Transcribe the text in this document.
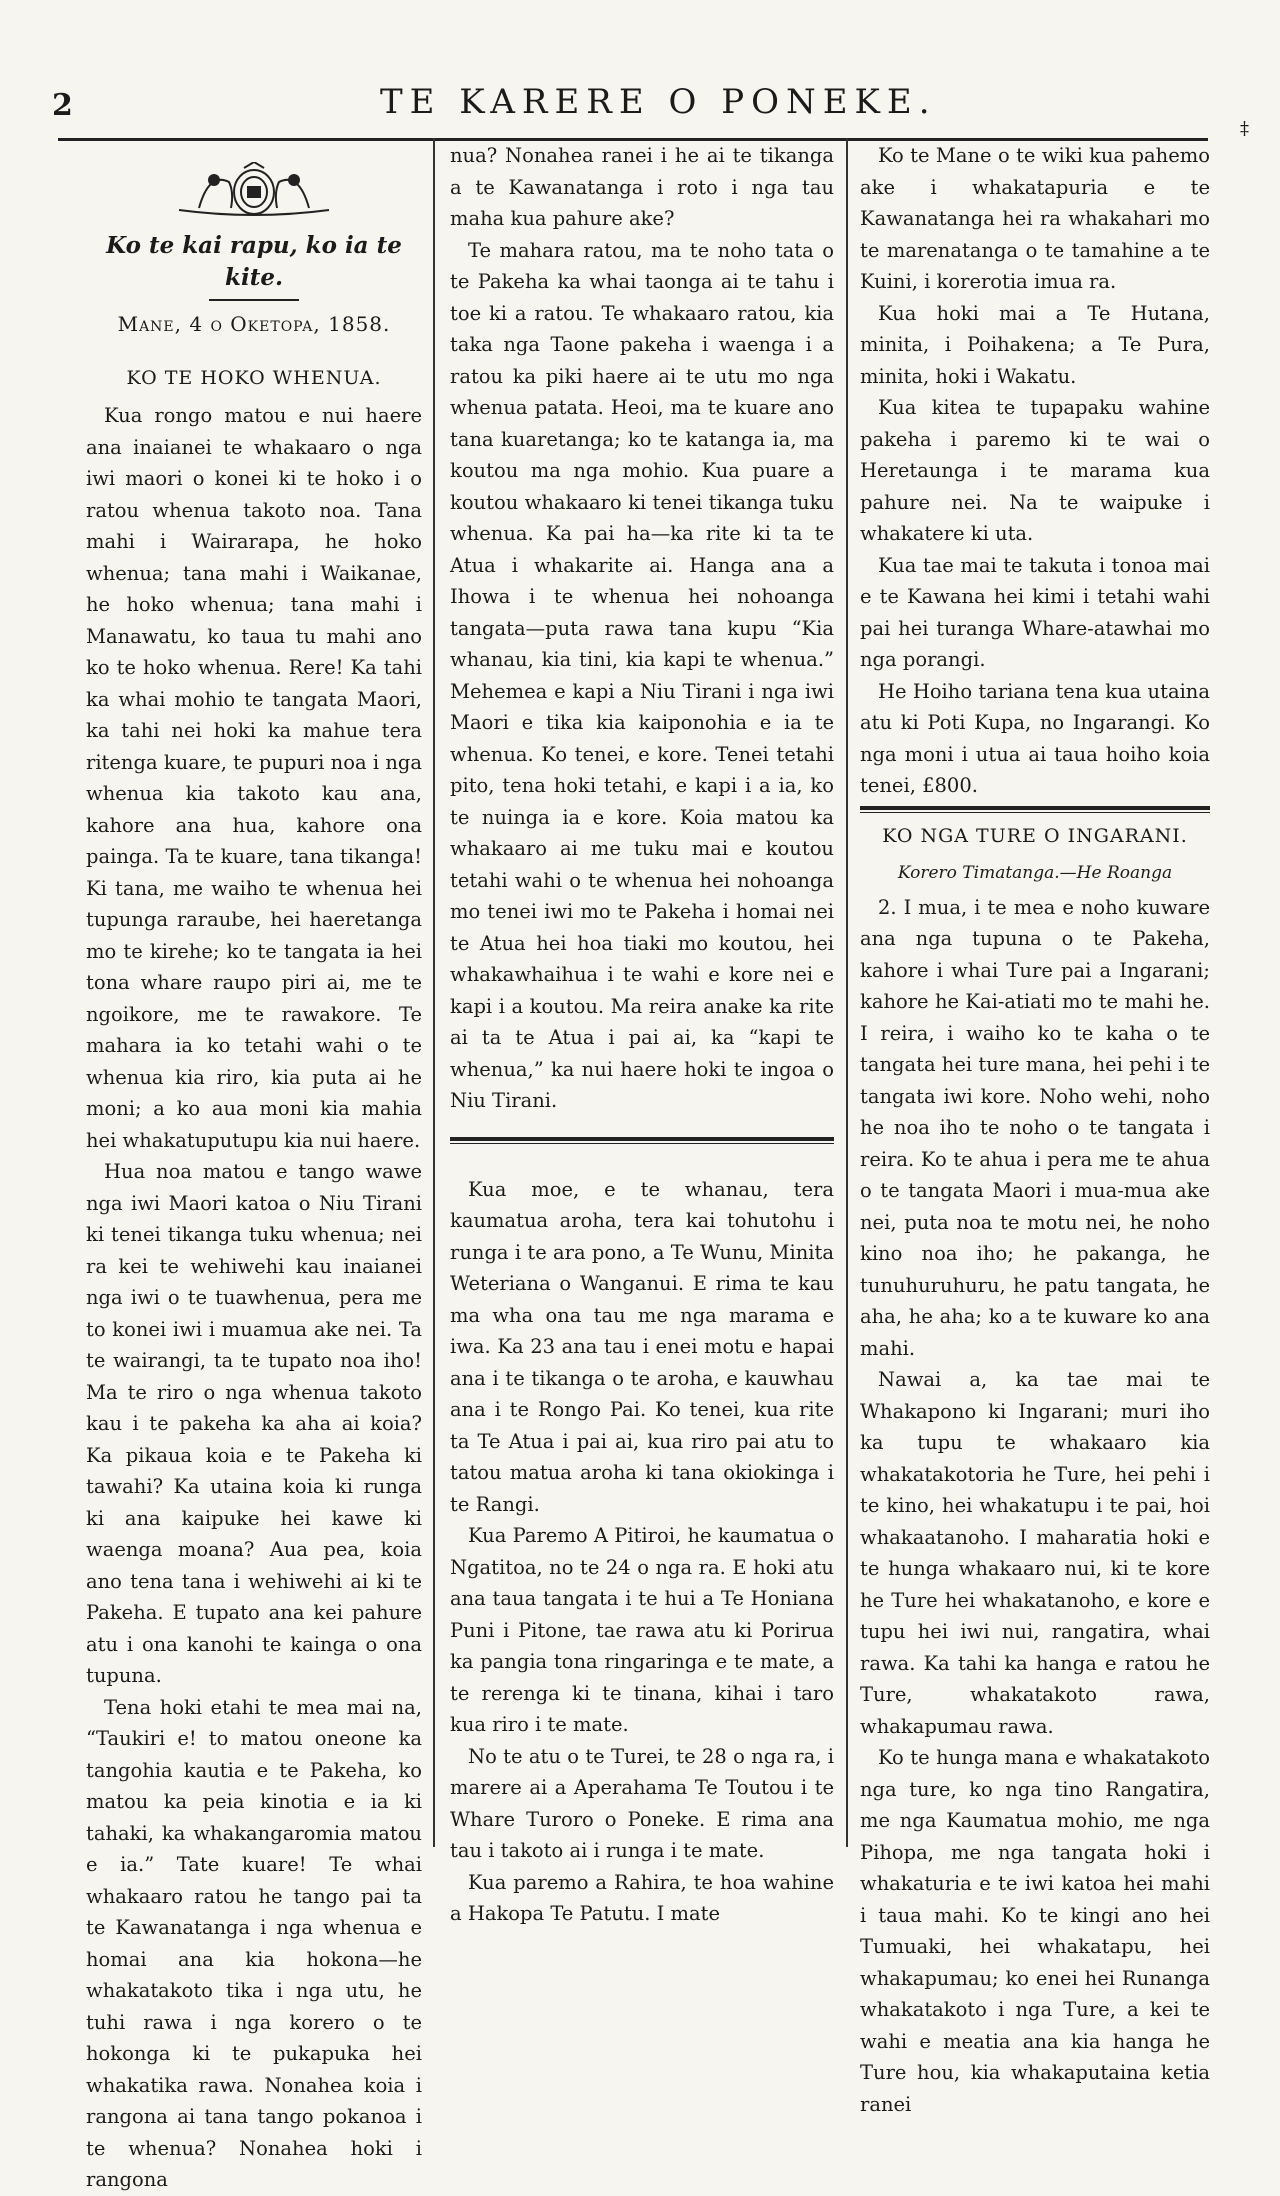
2	TE KARERE O PONEKE.
‡
Ko te kai rapu, ko ia te kite.
Mane, 4 o Oketopa, 1858.
KO TE HOKO WHENUA.

Kua rongo matou e nui haere ana inaianei te whakaaro o nga iwi maori o konei ki te hoko i o ratou whenua takoto noa. Tana mahi i Wairarapa, he hoko whenua; tana mahi i Waikanae, he hoko whenua; tana mahi i Manawatu, ko taua tu mahi ano ko te hoko whenua. Rere! Ka tahi ka whai mohio te tangata Maori, ka tahi nei hoki ka mahue tera ritenga kuare, te pupuri noa i nga whenua kia takoto kau ana, kahore ana hua, kahore ona painga. Ta te kuare, tana tikanga! Ki tana, me waiho te whenua hei tupunga raraube, hei haeretanga mo te kirehe; ko te tangata ia hei tona whare raupo piri ai, me te ngoikore, me te rawakore. Te mahara ia ko tetahi wahi o te whenua kia riro, kia puta ai he moni; a ko aua moni kia mahia hei whakatuputupu kia nui haere.

Hua noa matou e tango wawe nga iwi Maori katoa o Niu Tirani ki tenei tikanga tuku whenua; nei ra kei te wehiwehi kau inaianei nga iwi o te tuawhenua, pera me to konei iwi i muamua ake nei. Ta te wairangi, ta te tupato noa iho! Ma te riro o nga whenua takoto kau i te pakeha ka aha ai koia? Ka pikaua koia e te Pakeha ki tawahi? Ka utaina koia ki runga ki ana kaipuke hei kawe ki waenga moana? Aua pea, koia ano tena tana i wehiwehi ai ki te Pakeha. E tupato ana kei pahure atu i ona kanohi te kainga o ona tupuna.

Tena hoki etahi te mea mai na, “Taukiri e! to matou oneone ka tangohia kautia e te Pakeha, ko matou ka peia kinotia e ia ki tahaki, ka whakangaromia matou e ia.” Tate kuare! Te whai whakaaro ratou he tango pai ta te Kawanatanga i nga whenua e homai ana kia hokona—he whakatakoto tika i nga utu, he tuhi rawa i nga korero o te hokonga ki te pukapuka hei whakatika rawa. Nonahea koia i rangona ai tana tango pokanoa i te whenua? Nonahea hoki i rangona

nua? Nonahea ranei i he ai te tikanga a te Kawanatanga i roto i nga tau maha kua pahure ake?

Te mahara ratou, ma te noho tata o te Pakeha ka whai taonga ai te tahu i toe ki a ratou. Te whakaaro ratou, kia taka nga Taone pakeha i waenga i a ratou ka piki haere ai te utu mo nga whenua patata. Heoi, ma te kuare ano tana kuaretanga; ko te katanga ia, ma koutou ma nga mohio. Kua puare a koutou whakaaro ki tenei tikanga tuku whenua. Ka pai ha—ka rite ki ta te Atua i whakarite ai. Hanga ana a Ihowa i te whenua hei nohoanga tangata—puta rawa tana kupu “Kia whanau, kia tini, kia kapi te whenua.” Mehemea e kapi a Niu Tirani i nga iwi Maori e tika kia kaiponohia e ia te whenua. Ko tenei, e kore. Tenei tetahi pito, tena hoki tetahi, e kapi i a ia, ko te nuinga ia e kore. Koia matou ka whakaaro ai me tuku mai e koutou tetahi wahi o te whenua hei nohoanga mo tenei iwi mo te Pakeha i homai nei te Atua hei hoa tiaki mo koutou, hei whakawhaihua i te wahi e kore nei e kapi i a koutou. Ma reira anake ka rite ai ta te Atua i pai ai, ka “kapi te whenua,” ka nui haere hoki te ingoa o Niu Tirani.

Kua moe, e te whanau, tera kaumatua aroha, tera kai tohutohu i runga i te ara pono, a Te Wunu, Minita Weteriana o Wanganui. E rima te kau ma wha ona tau me nga marama e iwa. Ka 23 ana tau i enei motu e hapai ana i te tikanga o te aroha, e kauwhau ana i te Rongo Pai. Ko tenei, kua rite ta Te Atua i pai ai, kua riro pai atu to tatou matua aroha ki tana okiokinga i te Rangi.

Kua Paremo A Pitiroi, he kaumatua o Ngatitoa, no te 24 o nga ra. E hoki atu ana taua tangata i te hui a Te Honiana Puni i Pitone, tae rawa atu ki Porirua ka pangia tona ringaringa e te mate, a te rerenga ki te tinana, kihai i taro kua riro i te mate.

No te atu o te Turei, te 28 o nga ra, i marere ai a Aperahama Te Toutou i te Whare Turoro o Poneke. E rima ana tau i takoto ai i runga i te mate.

Kua paremo a Rahira, te hoa wahine a Hakopa Te Patutu. I mate

Ko te Mane o te wiki kua pahemo ake i whakatapuria e te Kawanatanga hei ra whakahari mo te marenatanga o te tamahine a te Kuini, i korerotia imua ra.

Kua hoki mai a Te Hutana, minita, i Poihakena; a Te Pura, minita, hoki i Wakatu.

Kua kitea te tupapaku wahine pakeha i paremo ki te wai o Heretaunga i te marama kua pahure nei. Na te waipuke i whakatere ki uta.

Kua tae mai te takuta i tonoa mai e te Kawana hei kimi i tetahi wahi pai hei turanga Whare-atawhai mo nga porangi.

He Hoiho tariana tena kua utaina atu ki Poti Kupa, no Ingarangi. Ko nga moni i utua ai taua hoiho koia tenei, £800.

KO NGA TURE O INGARANI.
Korero Timatanga.—He Roanga

2. I mua, i te mea e noho kuware ana nga tupuna o te Pakeha, kahore i whai Ture pai a Ingarani; kahore he Kai-atiati mo te mahi he. I reira, i waiho ko te kaha o te tangata hei ture mana, hei pehi i te tangata iwi kore. Noho wehi, noho he noa iho te noho o te tangata i reira. Ko te ahua i pera me te ahua o te tangata Maori i mua-mua ake nei, puta noa te motu nei, he noho kino noa iho; he pakanga, he tunuhuruhuru, he patu tangata, he aha, he aha; ko a te kuware ko ana mahi.

Nawai a, ka tae mai te Whakapono ki Ingarani; muri iho ka tupu te whakaaro kia whakatakotoria he Ture, hei pehi i te kino, hei whakatupu i te pai, hoi whakaatanoho. I maharatia hoki e te hunga whakaaro nui, ki te kore he Ture hei whakatanoho, e kore e tupu hei iwi nui, rangatira, whai rawa. Ka tahi ka hanga e ratou he Ture, whakatakoto rawa, whakapumau rawa.

Ko te hunga mana e whakatakoto nga ture, ko nga tino Rangatira, me nga Kaumatua mohio, me nga Pihopa, me nga tangata hoki i whakaturia e te iwi katoa hei mahi i taua mahi. Ko te kingi ano hei Tumuaki, hei whakatapu, hei whakapumau; ko enei hei Runanga whakatakoto i nga Ture, a kei te wahi e meatia ana kia hanga he Ture hou, kia whakaputaina ketia ranei
